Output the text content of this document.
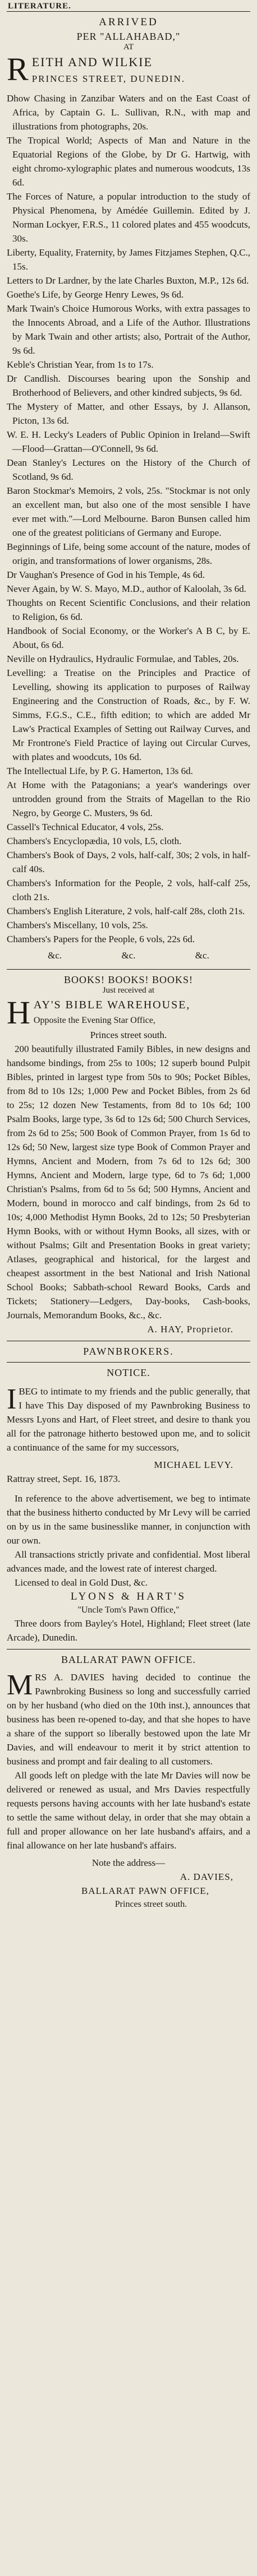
LITERATURE.
ARRIVED
PER "ALLAHABAD,"
AT
R EITH AND WILKIE
PRINCES STREET, DUNEDIN.

Dhow Chasing in Zanzibar Waters and on the East Coast of Africa, by Captain G. L. Sullivan, R.N., with map and illustrations from photographs, 20s.

The Tropical World; Aspects of Man and Nature in the Equatorial Regions of the Globe, by Dr G. Hartwig, with eight chromo-xylographic plates and numerous woodcuts, 13s 6d.

The Forces of Nature, a popular introduction to the study of Physical Phenomena, by Amédée Guillemin. Edited by J. Norman Lockyer, F.R.S., 11 colored plates and 455 woodcuts, 30s.

Liberty, Equality, Fraternity, by James Fitzjames Stephen, Q.C., 15s.

Letters to Dr Lardner, by the late Charles Buxton, M.P., 12s 6d.

Goethe's Life, by George Henry Lewes, 9s 6d.

Mark Twain's Choice Humorous Works, with extra passages to the Innocents Abroad, and a Life of the Author. Illustrations by Mark Twain and other artists; also, Portrait of the Author, 9s 6d.

Keble's Christian Year, from 1s to 17s.

Dr Candlish. Discourses bearing upon the Sonship and Brotherhood of Believers, and other kindred subjects, 9s 6d.

The Mystery of Matter, and other Essays, by J. Allanson, Picton, 13s 6d.

W. E. H. Lecky's Leaders of Public Opinion in Ireland—Swift—Flood—Grattan—O'Connell, 9s 6d.

Dean Stanley's Lectures on the History of the Church of Scotland, 9s 6d.

Baron Stockmar's Memoirs, 2 vols, 25s. "Stockmar is not only an excellent man, but also one of the most sensible I have ever met with."—Lord Melbourne. Baron Bunsen called him one of the greatest politicians of Germany and Europe.

Beginnings of Life, being some account of the nature, modes of origin, and transformations of lower organisms, 28s.

Dr Vaughan's Presence of God in his Temple, 4s 6d.

Never Again, by W. S. Mayo, M.D., author of Kaloolah, 3s 6d.

Thoughts on Recent Scientific Conclusions, and their relation to Religion, 6s 6d.

Handbook of Social Economy, or the Worker's A B C, by E. About, 6s 6d.

Neville on Hydraulics, Hydraulic Formulae, and Tables, 20s.

Levelling: a Treatise on the Principles and Practice of Levelling, showing its application to purposes of Railway Engineering and the Construction of Roads, &c., by F. W. Simms, F.G.S., C.E., fifth edition; to which are added Mr Law's Practical Examples of Setting out Railway Curves, and Mr Frontrone's Field Practice of laying out Circular Curves, with plates and woodcuts, 10s 6d.

The Intellectual Life, by P. G. Hamerton, 13s 6d.

At Home with the Patagonians; a year's wanderings over untrodden ground from the Straits of Magellan to the Rio Negro, by George C. Musters, 9s 6d.

Cassell's Technical Educator, 4 vols, 25s.

Chambers's Encyclopædia, 10 vols, L5, cloth.

Chambers's Book of Days, 2 vols, half-calf, 30s; 2 vols, in half-calf 40s.

Chambers's Information for the People, 2 vols, half-calf 25s, cloth 21s.

Chambers's English Literature, 2 vols, half-calf 28s, cloth 21s.

Chambers's Miscellany, 10 vols, 25s.

Chambers's Papers for the People, 6 vols, 22s 6d.

&c.	&c.	&c.
BOOKS! BOOKS! BOOKS!
Just received at
H AY'S BIBLE WAREHOUSE,
Opposite the Evening Star Office,
Princes street south.

200 beautifully illustrated Family Bibles, in new designs and handsome bindings, from 25s to 100s; 12 superb bound Pulpit Bibles, printed in largest type from 50s to 90s; Pocket Bibles, from 8d to 10s 12s; 1,000 Pew and Pocket Bibles, from 2s 6d to 25s; 12 dozen New Testaments, from 8d to 10s 6d; 100 Psalm Books, large type, 3s 6d to 12s 6d; 500 Church Services, from 2s 6d to 25s; 500 Book of Common Prayer, from 1s 6d to 12s 6d; 50 New, largest size type Book of Common Prayer and Hymns, Ancient and Modern, from 7s 6d to 12s 6d; 300 Hymns, Ancient and Modern, large type, 6d to 7s 6d; 1,000 Christian's Psalms, from 6d to 5s 6d; 500 Hymns, Ancient and Modern, bound in morocco and calf bindings, from 2s 6d to 10s; 4,000 Methodist Hymn Books, 2d to 12s; 50 Presbyterian Hymn Books, with or without Hymn Books, all sizes, with or without Psalms; Gilt and Presentation Books in great variety; Atlases, geographical and historical, for the largest and cheapest assortment in the best National and Irish National School Books; Sabbath-school Reward Books, Cards and Tickets; Stationery—Ledgers, Day-books, Cash-books, Journals, Memorandum Books, &c., &c.

A. HAY, Proprietor.
PAWNBROKERS.
NOTICE.

I BEG to intimate to my friends and the public generally, that I have This Day disposed of my Pawnbroking Business to Messrs Lyons and Hart, of Fleet street, and desire to thank you all for the patronage hitherto bestowed upon me, and to solicit a continuance of the same for my successors,

MICHAEL LEVY.

Rattray street, Sept. 16, 1873.

In reference to the above advertisement, we beg to intimate that the business hitherto conducted by Mr Levy will be carried on by us in the same businesslike manner, in conjunction with our own.

All transactions strictly private and confidential. Most liberal advances made, and the lowest rate of interest charged.

Licensed to deal in Gold Dust, &c.

LYONS & HART'S
"Uncle Tom's Pawn Office,"

Three doors from Bayley's Hotel, Highland; Fleet street (late Arcade), Dunedin.

BALLARAT PAWN OFFICE.

M RS A. DAVIES having decided to continue the Pawnbroking Business so long and successfully carried on by her husband (who died on the 10th inst.), announces that business has been re-opened to-day, and that she hopes to have a share of the support so liberally bestowed upon the late Mr Davies, and will endeavour to merit it by strict attention to business and prompt and fair dealing to all customers.

All goods left on pledge with the late Mr Davies will now be delivered or renewed as usual, and Mrs Davies respectfully requests persons having accounts with her late husband's estate to settle the same without delay, in order that she may obtain a full and proper allowance on her late husband's affairs, and a final allowance on her late husband's affairs.

Note the address—
A. DAVIES,
BALLARAT PAWN OFFICE,
Princes street south.
